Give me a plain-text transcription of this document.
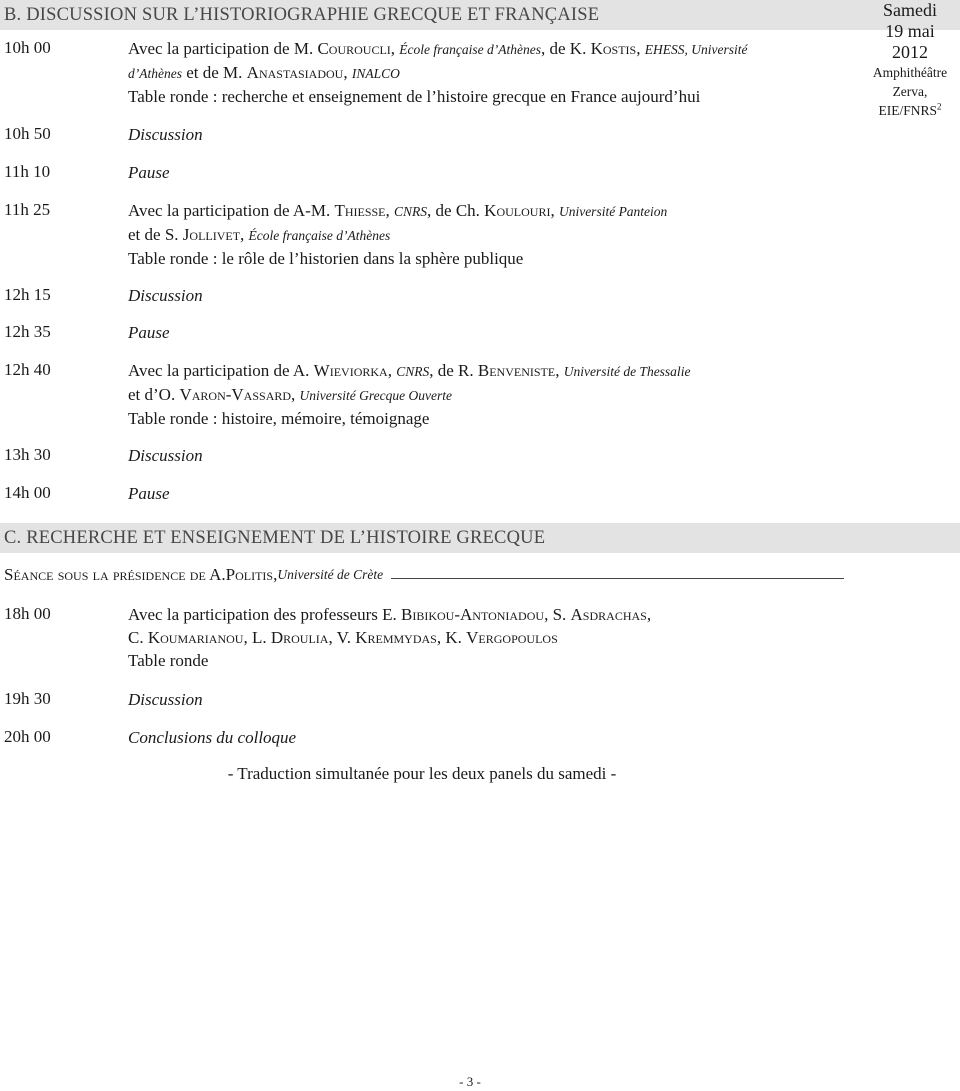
B. DISCUSSION SUR L’HISTORIOGRAPHIE GRECQUE ET FRANÇAISE	Samedi
19 mai
2012
Amphithéâtre
Zerva,
EIE/FNRS$^2$
10h 00	Avec la participation de M. Couroucli, École française d’Athènes, de K. Kostis, EHESS, Université
d’Athènes et de M. Anastasiadou, INALCO
Table ronde : recherche et enseignement de l’histoire grecque en France aujourd’hui
10h 50	Discussion
11h 10	Pause
11h 25	Avec la participation de A-M. Thiesse, CNRS, de Ch. Koulouri, Université Panteion
et de S. Jollivet, École française d’Athènes
Table ronde : le rôle de l’historien dans la sphère publique
12h 15	Discussion
12h 35	Pause
12h 40	Avec la participation de A. Wieviorka, CNRS, de R. Benveniste, Université de Thessalie
et d’O. Varon-Vassard, Université Grecque Ouverte
Table ronde : histoire, mémoire, témoignage
13h 30	Discussion
14h 00	Pause
C. RECHERCHE ET ENSEIGNEMENT DE L’HISTOIRE GRECQUE
Séance sous la présidence de A. Politis , Université de Crète
18h 00	Avec la participation des professeurs E. Bibikou-Antoniadou, S. Asdrachas,
C. Koumarianou, L. Droulia, V. Kremmydas, K. Vergopoulos
Table ronde
19h 30	Discussion
20h 00	Conclusions du colloque
- Traduction simultanée pour les deux panels du samedi -
- 3 -
